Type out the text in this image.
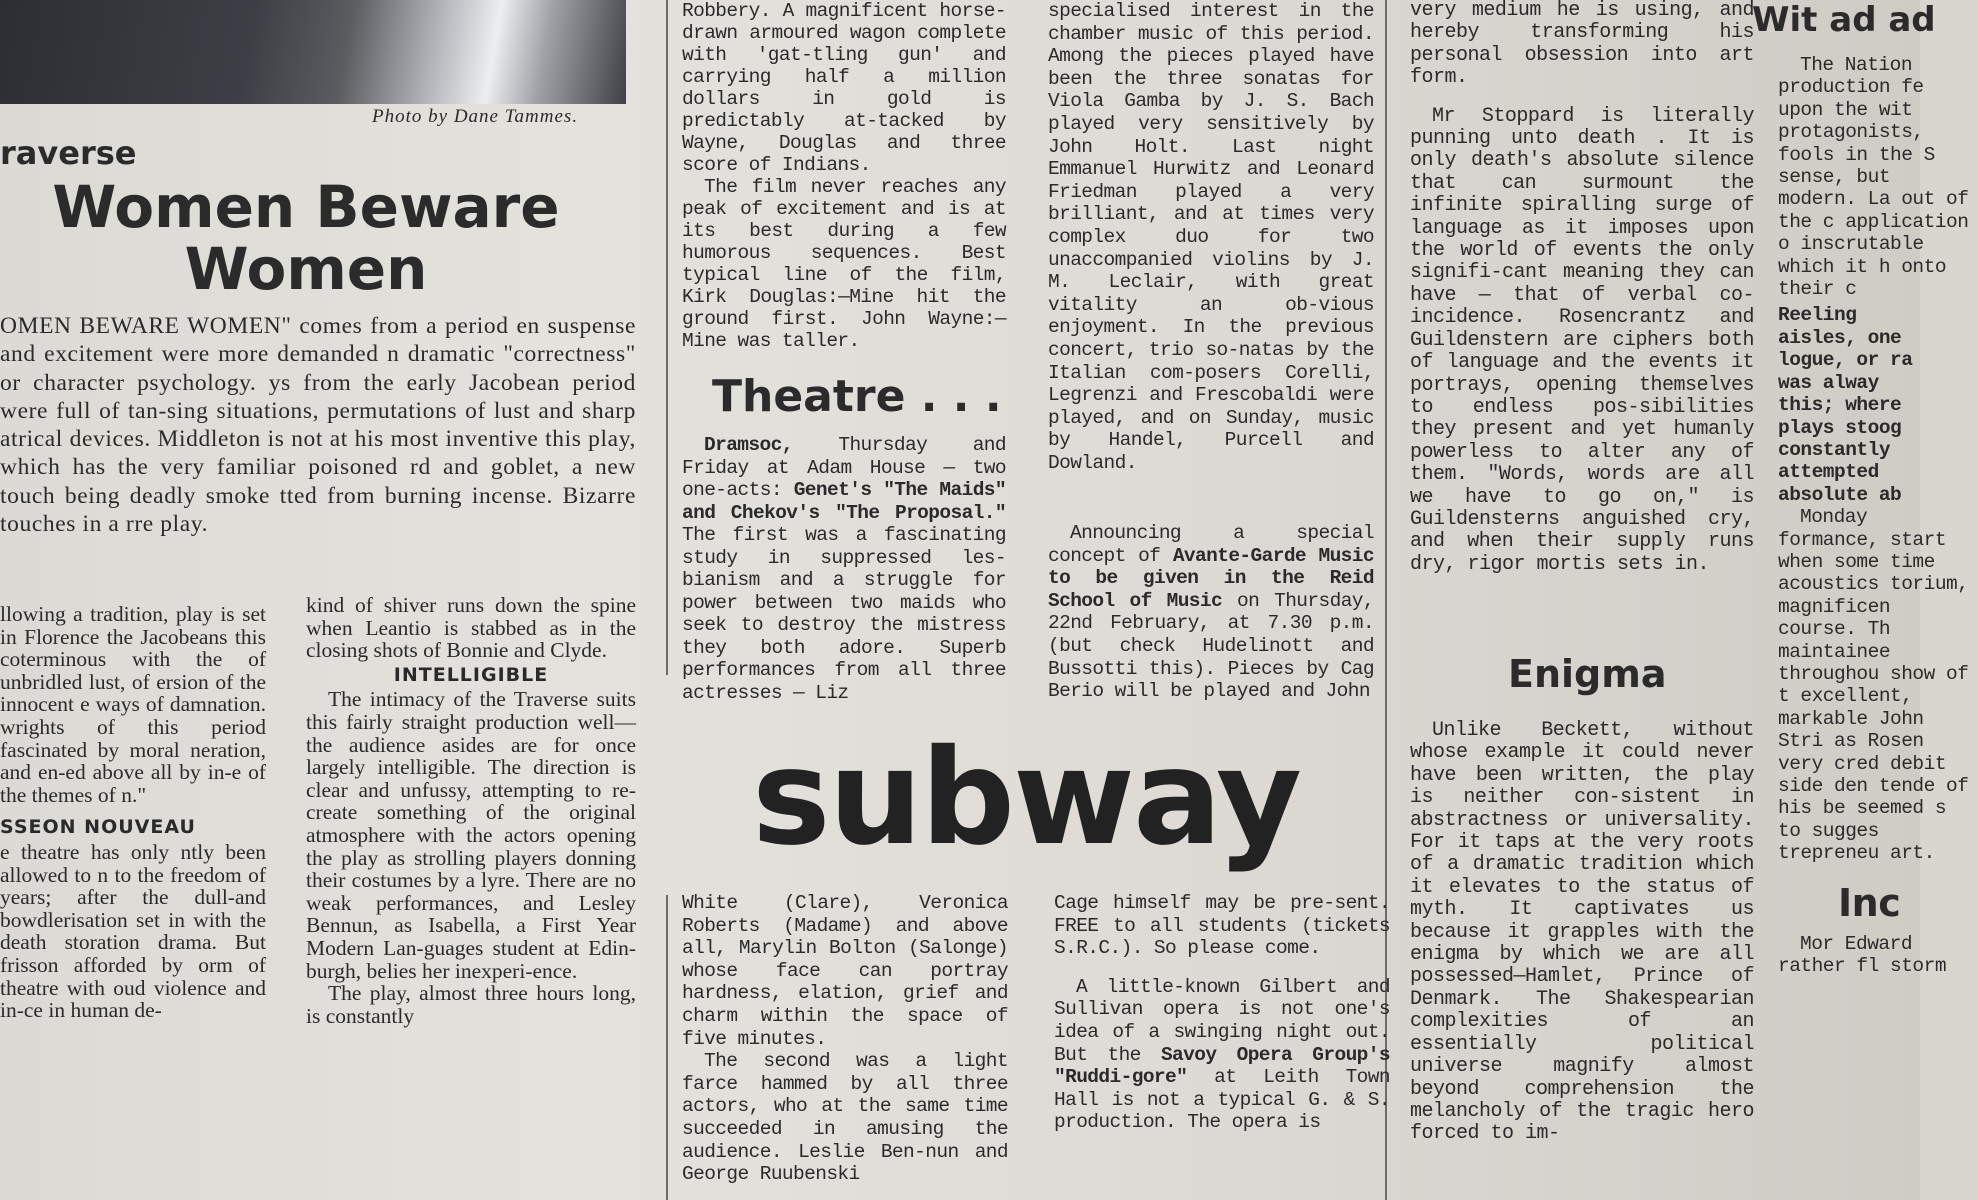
Photo by Dane Tammes.
raverse
Women Beware
Women
OMEN BEWARE WOMEN" comes from a period en suspense and excitement were more demanded n dramatic "correctness" or character psychology. ys from the early Jacobean period were full of tan-sing situations, permutations of lust and sharp atrical devices. Middleton is not at his most inventive this play, which has the very familiar poisoned rd and goblet, a new touch being deadly smoke tted from burning incense. Bizarre touches in a rre play.

llowing a tradition, play is set in Florence the Jacobeans this coterminous with the of unbridled lust, of ersion of the innocent e ways of damnation. wrights of this period fascinated by moral neration, and en-ed above all by in-e of the themes of n."

SSEON NOUVEAU

e theatre has only ntly been allowed to n to the freedom of years; after the dull-and bowdlerisation set in with the death storation drama. But frisson afforded by orm of theatre with oud violence and in-ce in human de-

kind of shiver runs down the spine when Leantio is stabbed as in the closing shots of Bonnie and Clyde.

INTELLIGIBLE

The intimacy of the Traverse suits this fairly straight production well—the audience asides are for once largely intelligible. The direction is clear and unfussy, attempting to re-create something of the original atmosphere with the actors opening the play as strolling players donning their costumes by a lyre. There are no weak performances, and Lesley Bennun, as Isabella, a First Year Modern Lan-guages student at Edin-burgh, belies her inexperi-ence.

The play, almost three hours long, is constantly

Robbery. A magnificent horse-drawn armoured wagon complete with 'gat-tling gun' and carrying half a million dollars in gold is predictably at-tacked by Wayne, Douglas and three score of Indians.

The film never reaches any peak of excitement and is at its best during a few humorous sequences. Best typical line of the film, Kirk Douglas:—Mine hit the ground first. John Wayne:—Mine was taller.

Theatre . . .

Dramsoc, Thursday and Friday at Adam House — two one-acts: Genet's "The Maids" and Chekov's "The Proposal." The first was a fascinating study in suppressed les-bianism and a struggle for power between two maids who seek to destroy the mistress they both adore. Superb performances from all three actresses — Liz

specialised interest in the chamber music of this period. Among the pieces played have been the three sonatas for Viola Gamba by J. S. Bach played very sensitively by John Holt. Last night Emmanuel Hurwitz and Leonard Friedman played a very brilliant, and at times very complex duo for two unaccompanied violins by J. M. Leclair, with great vitality an ob-vious enjoyment. In the previous concert, trio so-natas by the Italian com-posers Corelli, Legrenzi and Frescobaldi were played, and on Sunday, music by Handel, Purcell and Dowland.

Announcing a special concept of Avante-Garde Music to be given in the Reid School of Music on Thursday, 22nd February, at 7.30 p.m. (but check Hudelinott and Bussotti this). Pieces by Cag Berio will be played and John

subway

White (Clare), Veronica Roberts (Madame) and above all, Marylin Bolton (Salonge) whose face can portray hardness, elation, grief and charm within the space of five minutes.

The second was a light farce hammed by all three actors, who at the same time succeeded in amusing the audience. Leslie Ben-nun and George Ruubenski

Cage himself may be pre-sent. FREE to all students (tickets S.R.C.). So please come.

A little-known Gilbert and Sullivan opera is not one's idea of a swinging night out. But the Savoy Opera Group's "Ruddi-gore" at Leith Town Hall is not a typical G. & S. production. The opera is

very medium he is using, and hereby transforming his personal obsession into art form.

Mr Stoppard is literally punning unto death . It is only death's absolute silence that can surmount the infinite spiralling surge of language as it imposes upon the world of events the only signifi-cant meaning they can have — that of verbal co-incidence. Rosencrantz and Guildenstern are ciphers both of language and the events it portrays, opening themselves to endless pos-sibilities they present and yet humanly powerless to alter any of them. "Words, words are all we have to go on," is Guildensterns anguished cry, and when their supply runs dry, rigor mortis sets in.

Enigma

Unlike Beckett, without whose example it could never have been written, the play is neither con-sistent in abstractness or universality. For it taps at the very roots of a dramatic tradition which it elevates to the status of myth. It captivates us because it grapples with the enigma by which we are all possessed—Hamlet, Prince of Denmark. The Shakespearian complexities of an essentially political universe magnify almost beyond comprehension the melancholy of the tragic hero forced to im-

Wit ad ad

The Nation production fe upon the wit protagonists, fools in the S sense, but modern. La out of the c application o inscrutable which it h onto their c

Reeling
aisles, one
logue, or ra
was alway
this; where
plays stoog
constantly
attempted
absolute ab

Monday formance, start when some time acoustics torium, magnificen course. Th maintainee throughou show of t excellent, markable John Stri as Rosen very cred debit side den tende of his be seemed s to sugges trepreneu art.

Inc

Mor Edward rather fl storm
